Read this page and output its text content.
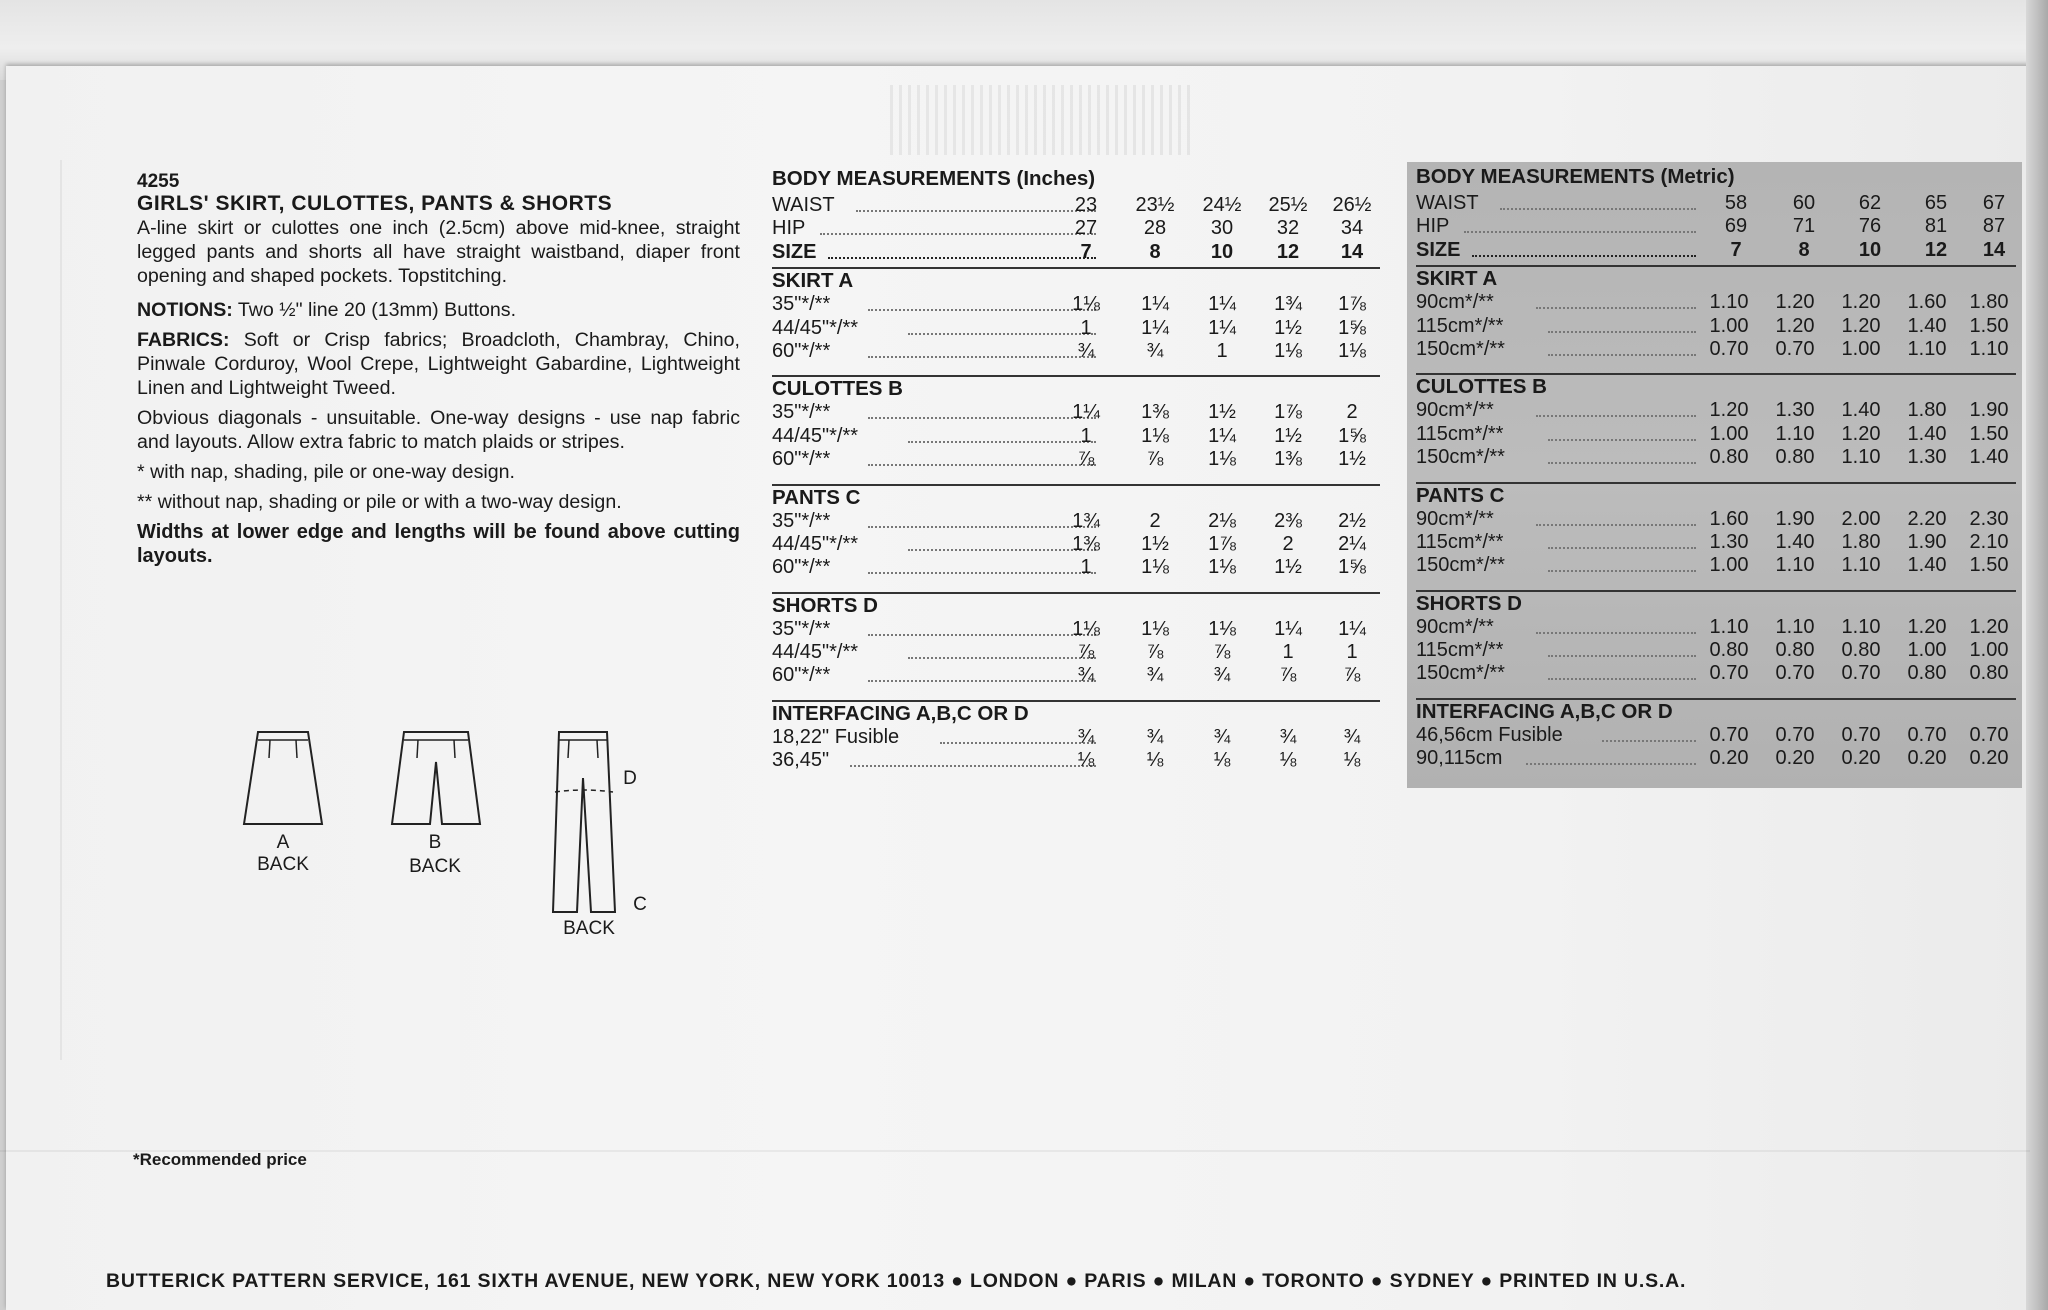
4255
GIRLS' SKIRT, CULOTTES, PANTS & SHORTS

A-line skirt or culottes one inch (2.5cm) above mid-knee, straight legged pants and shorts all have straight waistband, diaper front opening and shaped pockets. Topstitching.

NOTIONS: Two ½" line 20 (13mm) Buttons.

FABRICS: Soft or Crisp fabrics; Broadcloth, Chambray, Chino, Pinwale Corduroy, Wool Crepe, Lightweight Gabardine, Lightweight Linen and Lightweight Tweed.

Obvious diagonals - unsuitable. One-way designs - use nap fabric and layouts. Allow extra fabric to match plaids or stripes.

* with nap, shading, pile or one-way design.

** without nap, shading or pile or with a two-way design.

Widths at lower edge and lengths will be found above cutting layouts.

A
BACK
B
BACK
D
C
BACK
*Recommended price
BODY MEASUREMENTS (Inches)
WAIST	23	23½	24½	25½	26½
HIP	27	28	30	32	34
SIZE	7	8	10	12	14
SKIRT A
35"*/**	1⅛	1¼	1¼	1¾	1⅞
44/45"*/**	1	1¼	1¼	1½	1⅝
60"*/**	¾	¾	1	1⅛	1⅛
CULOTTES B
35"*/**	1¼	1⅜	1½	1⅞	2
44/45"*/**	1	1⅛	1¼	1½	1⅝
60"*/**	⅞	⅞	1⅛	1⅜	1½
PANTS C
35"*/**	1¾	2	2⅛	2⅜	2½
44/45"*/**	1⅜	1½	1⅞	2	2¼
60"*/**	1	1⅛	1⅛	1½	1⅝
SHORTS D
35"*/**	1⅛	1⅛	1⅛	1¼	1¼
44/45"*/**	⅞	⅞	⅞	1	1
60"*/**	¾	¾	¾	⅞	⅞
INTERFACING A,B,C OR D
18,22" Fusible	¾	¾	¾	¾	¾
36,45"	⅛	⅛	⅛	⅛	⅛
BODY MEASUREMENTS (Metric)
WAIST	58	60	62	65	67
HIP	69	71	76	81	87
SIZE	7	8	10	12	14
SKIRT A
90cm*/**	1.10	1.20	1.20	1.60	1.80
115cm*/**	1.00	1.20	1.20	1.40	1.50
150cm*/**	0.70	0.70	1.00	1.10	1.10
CULOTTES B
90cm*/**	1.20	1.30	1.40	1.80	1.90
115cm*/**	1.00	1.10	1.20	1.40	1.50
150cm*/**	0.80	0.80	1.10	1.30	1.40
PANTS C
90cm*/**	1.60	1.90	2.00	2.20	2.30
115cm*/**	1.30	1.40	1.80	1.90	2.10
150cm*/**	1.00	1.10	1.10	1.40	1.50
SHORTS D
90cm*/**	1.10	1.10	1.10	1.20	1.20
115cm*/**	0.80	0.80	0.80	1.00	1.00
150cm*/**	0.70	0.70	0.70	0.80	0.80
INTERFACING A,B,C OR D
46,56cm Fusible	0.70	0.70	0.70	0.70	0.70
90,115cm	0.20	0.20	0.20	0.20	0.20
BUTTERICK PATTERN SERVICE, 161 SIXTH AVENUE, NEW YORK, NEW YORK 10013 ● LONDON ● PARIS ● MILAN ● TORONTO ● SYDNEY ● PRINTED IN U.S.A.
